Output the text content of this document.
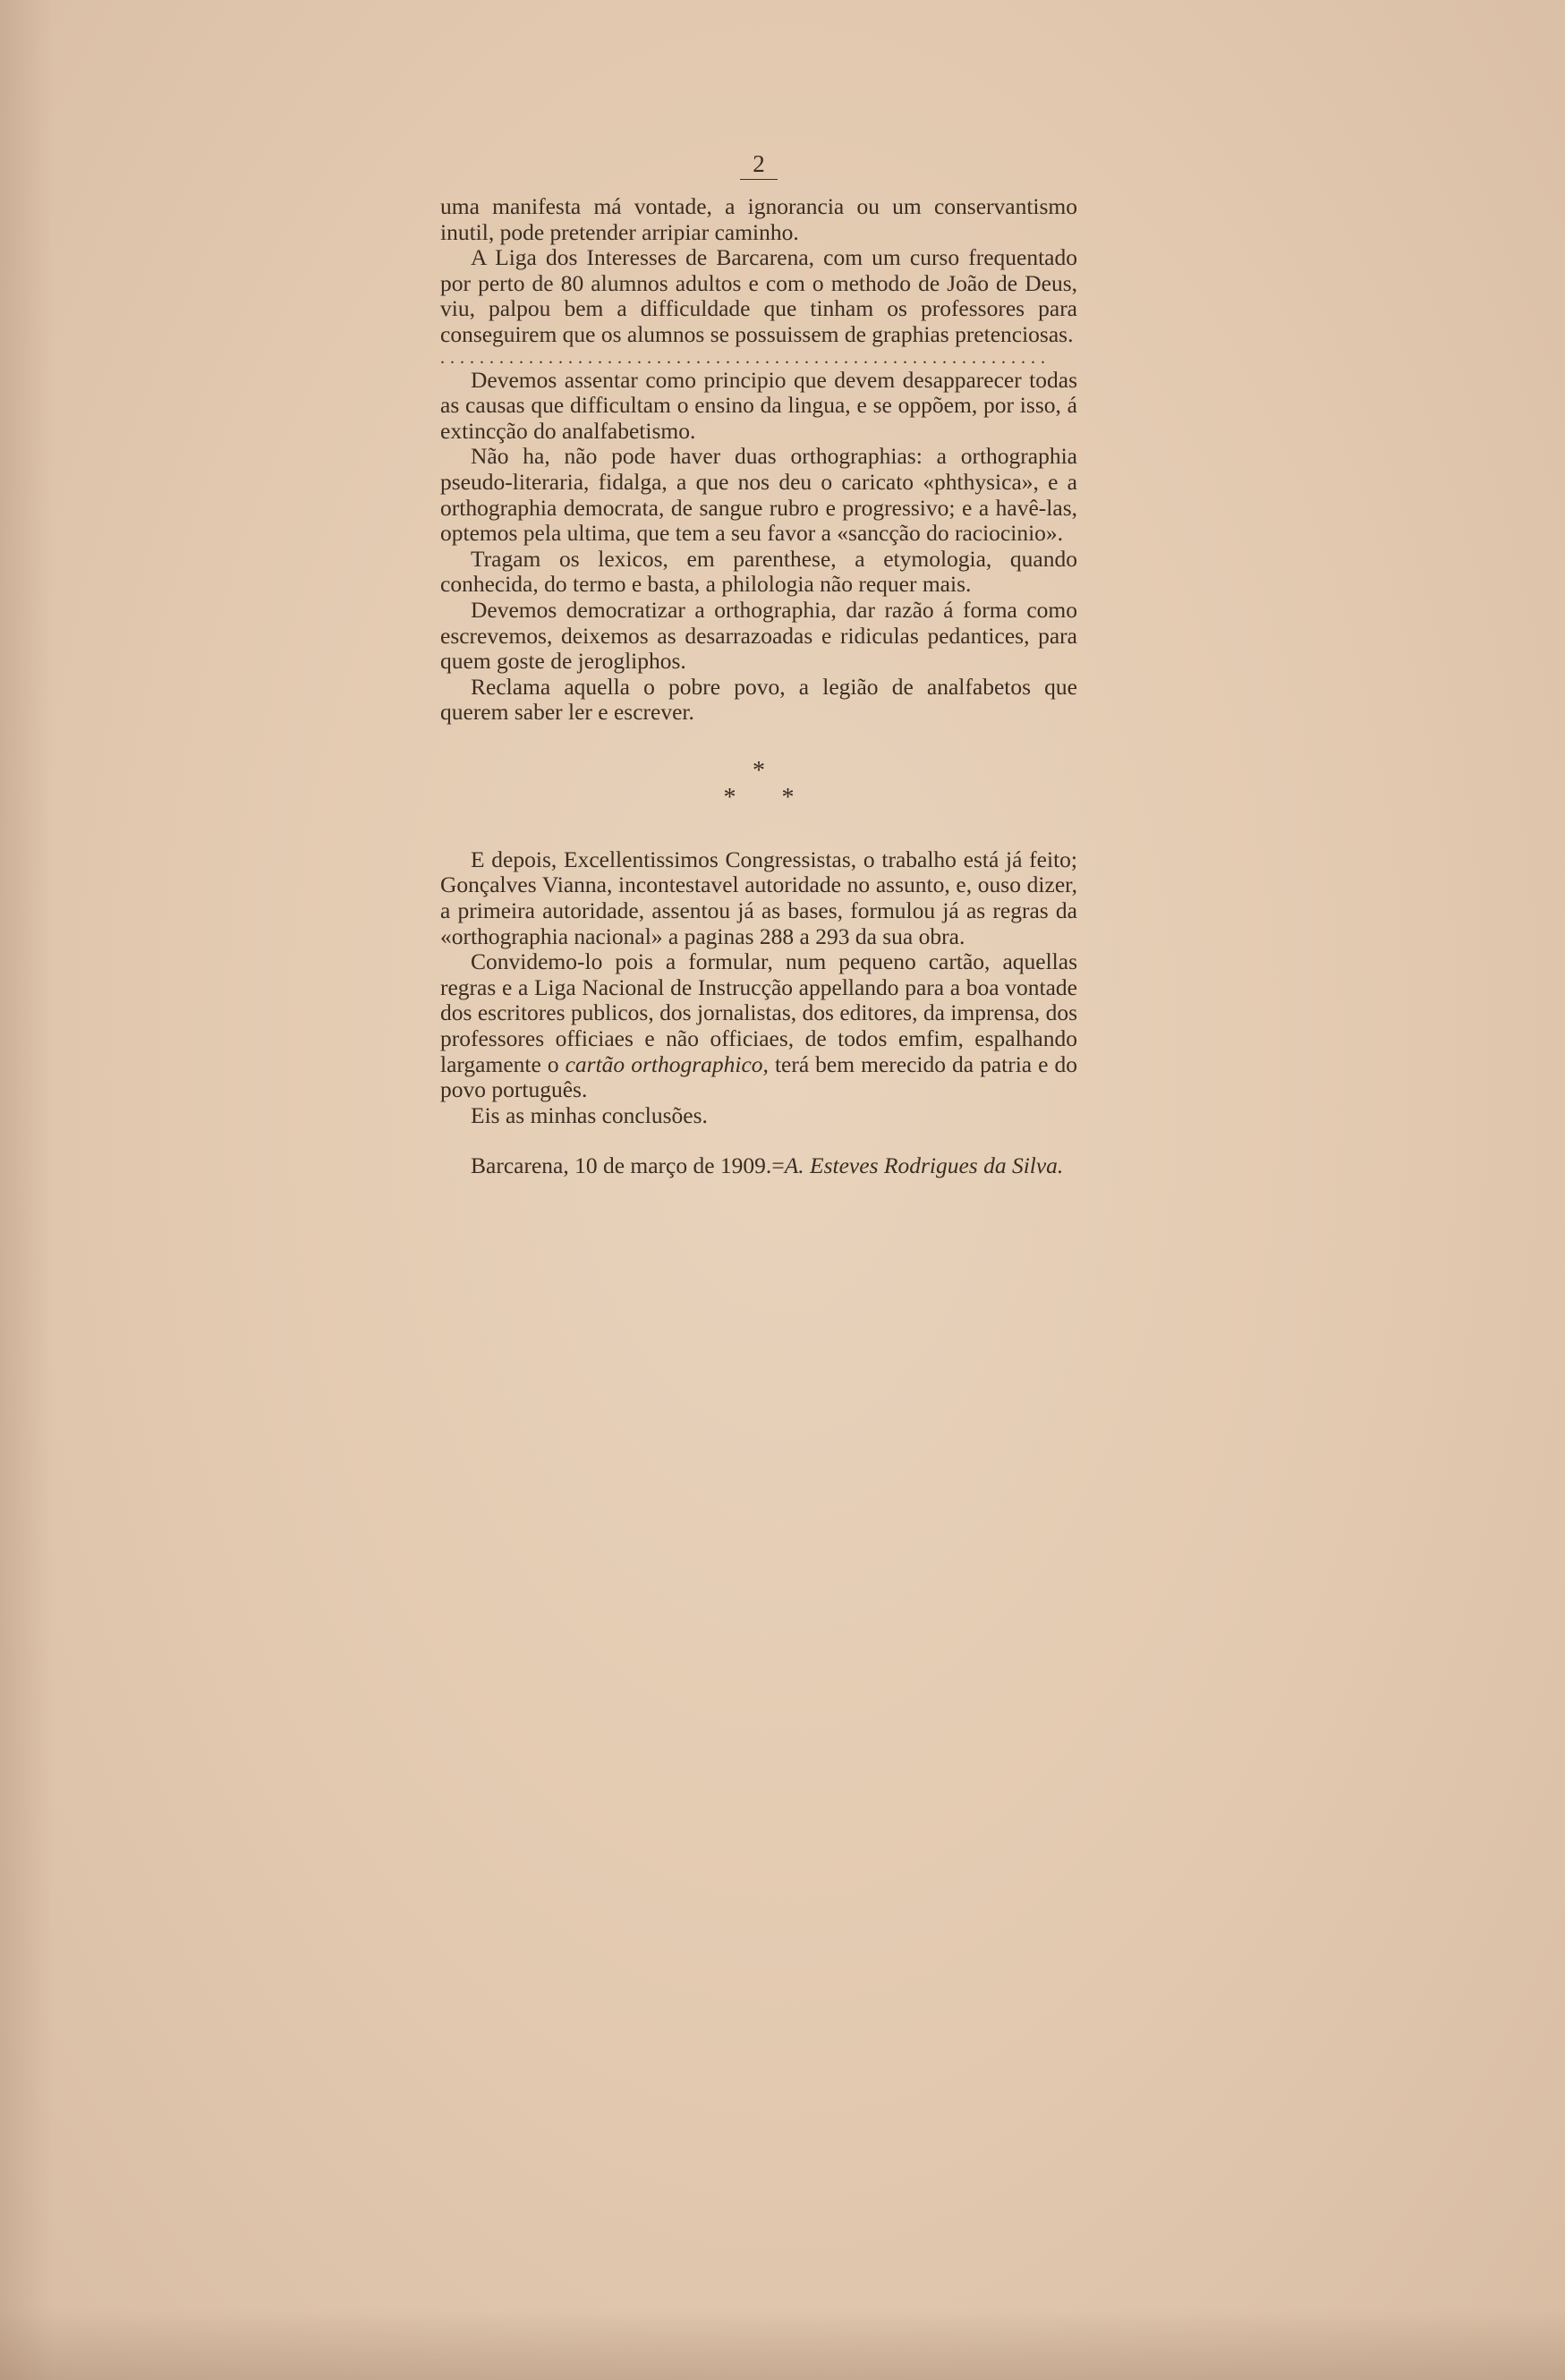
2

uma manifesta má vontade, a ignorancia ou um conservantismo inutil, pode pretender arripiar caminho.

A Liga dos Interesses de Barcarena, com um curso frequentado por perto de 80 alumnos adultos e com o methodo de João de Deus, viu, palpou bem a difficuldade que tinham os professores para conseguirem que os alumnos se possuissem de graphias pretenciosas.

..............................................................

Devemos assentar como principio que devem desapparecer todas as causas que difficultam o ensino da lingua, e se oppõem, por isso, á extincção do analfabetismo.

Não ha, não pode haver duas orthographias: a orthographia pseudo-literaria, fidalga, a que nos deu o caricato «phthysica», e a orthographia democrata, de sangue rubro e progressivo; e a havê-las, optemos pela ultima, que tem a seu favor a «sancção do raciocinio».

Tragam os lexicos, em parenthese, a etymologia, quando conhecida, do termo e basta, a philologia não requer mais.

Devemos democratizar a orthographia, dar razão á forma como escrevemos, deixemos as desarrazoadas e ridiculas pedantices, para quem goste de jerogliphos.

Reclama aquella o pobre povo, a legião de analfabetos que querem saber ler e escrever.

*
* *

E depois, Excellentissimos Congressistas, o trabalho está já feito; Gonçalves Vianna, incontestavel autoridade no assunto, e, ouso dizer, a primeira autoridade, assentou já as bases, formulou já as regras da «orthographia nacional» a paginas 288 a 293 da sua obra.

Convidemo-lo pois a formular, num pequeno cartão, aquellas regras e a Liga Nacional de Instrucção appellando para a boa vontade dos escritores publicos, dos jornalistas, dos editores, da imprensa, dos professores officiaes e não officiaes, de todos emfim, espalhando largamente o cartão orthographico, terá bem merecido da patria e do povo português.

Eis as minhas conclusões.

Barcarena, 10 de março de 1909.=A. Esteves Rodrigues da Silva.
